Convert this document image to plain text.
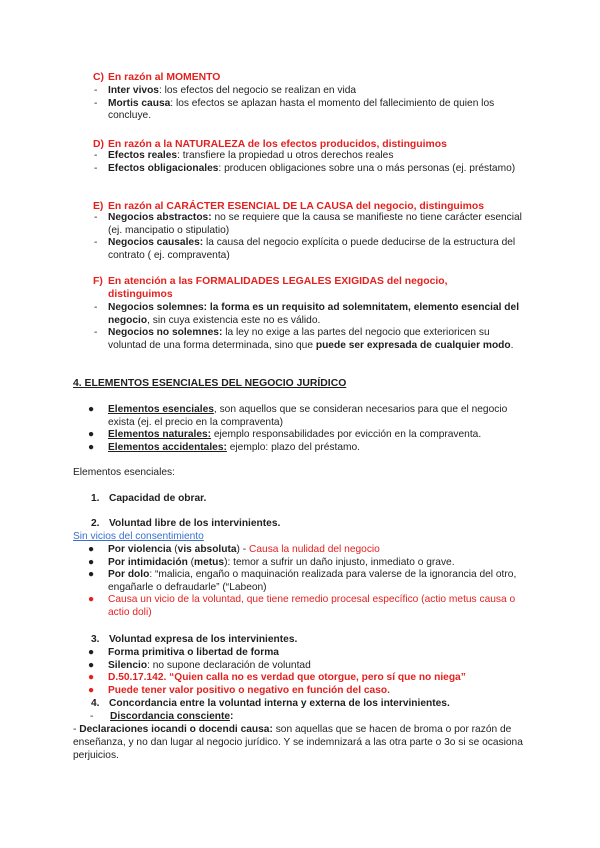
C) En razón al MOMENTO
- Inter vivos: los efectos del negocio se realizan en vida
- Mortis causa: los efectos se aplazan hasta el momento del fallecimiento de quien los concluye.
D) En razón a la NATURALEZA de los efectos producidos, distinguimos
- Efectos reales: transfiere la propiedad u otros derechos reales
- Efectos obligacionales: producen obligaciones sobre una o más personas (ej. préstamo)
E) En razón al CARÁCTER ESENCIAL DE LA CAUSA del negocio, distinguimos
- Negocios abstractos: no se requiere que la causa se manifieste no tiene carácter esencial (ej. mancipatio o stipulatio)
- Negocios causales: la causa del negocio explícita o puede deducirse de la estructura del contrato ( ej. compraventa)
F) En atención a las FORMALIDADES LEGALES EXIGIDAS del negocio,
distinguimos
- Negocios solemnes: la forma es un requisito ad solemnitatem, elemento esencial del negocio, sin cuya existencia este no es válido.
- Negocios no solemnes: la ley no exige a las partes del negocio que exterioricen su voluntad de una forma determinada, sino que puede ser expresada de cualquier modo.
4. ELEMENTOS ESENCIALES DEL NEGOCIO JURÍDICO
● Elementos esenciales, son aquellos que se consideran necesarios para que el negocio exista (ej. el precio en la compraventa)
● Elementos naturales: ejemplo responsabilidades por evicción en la compraventa.
● Elementos accidentales: ejemplo: plazo del préstamo.
Elementos esenciales:
1. Capacidad de obrar.
2. Voluntad libre de los intervinientes.
Sin vicios del consentimiento
● Por violencia (vis absoluta) - Causa la nulidad del negocio
● Por intimidación (metus): temor a sufrir un daño injusto, inmediato o grave.
● Por dolo: “malicia, engaño o maquinación realizada para valerse de la ignorancia del otro, engañarle o defraudarle” (“Labeon)
● Causa un vicio de la voluntad, que tiene remedio procesal específico (actio metus causa o actio doli)
3. Voluntad expresa de los intervinientes.
● Forma primitiva o libertad de forma
● Silencio: no supone declaración de voluntad
● D.50.17.142. “Quien calla no es verdad que otorgue, pero sí que no niega”
● Puede tener valor positivo o negativo en función del caso.
4. Concordancia entre la voluntad interna y externa de los intervinientes.
- Discordancia consciente:
- Declaraciones iocandi o docendi causa: son aquellas que se hacen de broma o por razón de enseñanza, y no dan lugar al negocio jurídico. Y se indemnizará a las otra parte o 3o si se ocasiona perjuicios.
